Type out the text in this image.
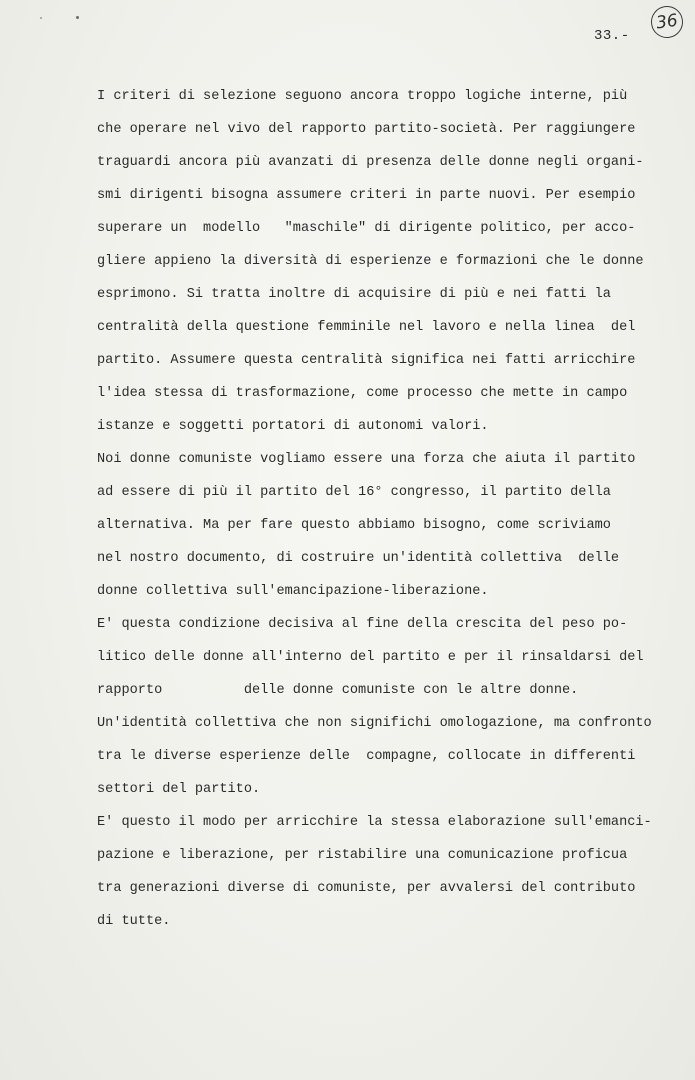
33.-
36
I criteri di selezione seguono ancora troppo logiche interne, più
che operare nel vivo del rapporto partito-società. Per raggiungere
traguardi ancora più avanzati di presenza delle donne negli organi-
smi dirigenti bisogna assumere criteri in parte nuovi. Per esempio
superare un  modello   "maschile" di dirigente politico, per acco-
gliere appieno la diversità di esperienze e formazioni che le donne
esprimono. Si tratta inoltre di acquisire di più e nei fatti la
centralità della questione femminile nel lavoro e nella linea  del
partito. Assumere questa centralità significa nei fatti arricchire
l'idea stessa di trasformazione, come processo che mette in campo
istanze e soggetti portatori di autonomi valori.
Noi donne comuniste vogliamo essere una forza che aiuta il partito
ad essere di più il partito del 16° congresso, il partito della
alternativa. Ma per fare questo abbiamo bisogno, come scriviamo
nel nostro documento, di costruire un'identità collettiva  delle
donne collettiva sull'emancipazione-liberazione.
E' questa condizione decisiva al fine della crescita del peso po-
litico delle donne all'interno del partito e per il rinsaldarsi del
rapporto          delle donne comuniste con le altre donne.
Un'identità collettiva che non significhi omologazione, ma confronto
tra le diverse esperienze delle  compagne, collocate in differenti
settori del partito.
E' questo il modo per arricchire la stessa elaborazione sull'emanci-
pazione e liberazione, per ristabilire una comunicazione proficua
tra generazioni diverse di comuniste, per avvalersi del contributo
di tutte.
